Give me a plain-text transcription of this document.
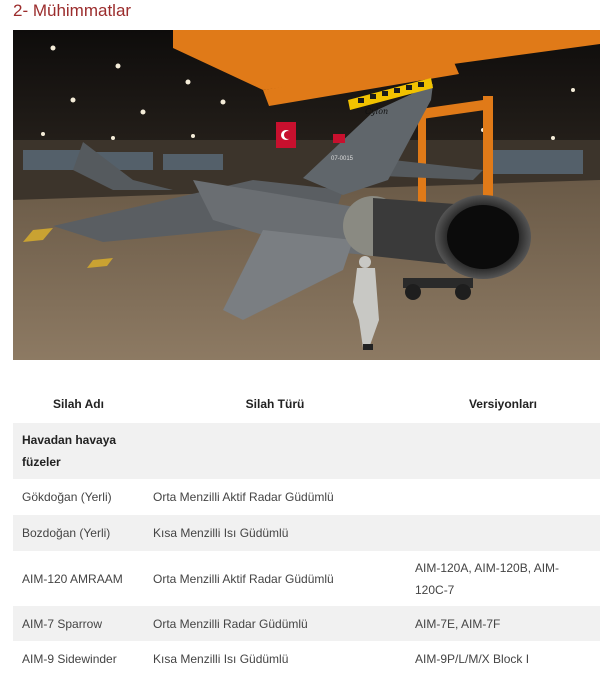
2- Mühimmatlar
07-0015
Cylon
Silah Adı	Silah Türü	Versiyonları
Havadan havaya füzeler		
Gökdoğan (Yerli)	Orta Menzilli Aktif Radar Güdümlü	
Bozdoğan (Yerli)	Kısa Menzilli Isı Güdümlü	
AIM-120 AMRAAM	Orta Menzilli Aktif Radar Güdümlü	AIM-120A, AIM-120B, AIM-120C-7
AIM-7 Sparrow	Orta Menzilli Radar Güdümlü	AIM-7E, AIM-7F
AIM-9 Sidewinder	Kısa Menzilli Isı Güdümlü	AIM-9P/L/M/X Block I
